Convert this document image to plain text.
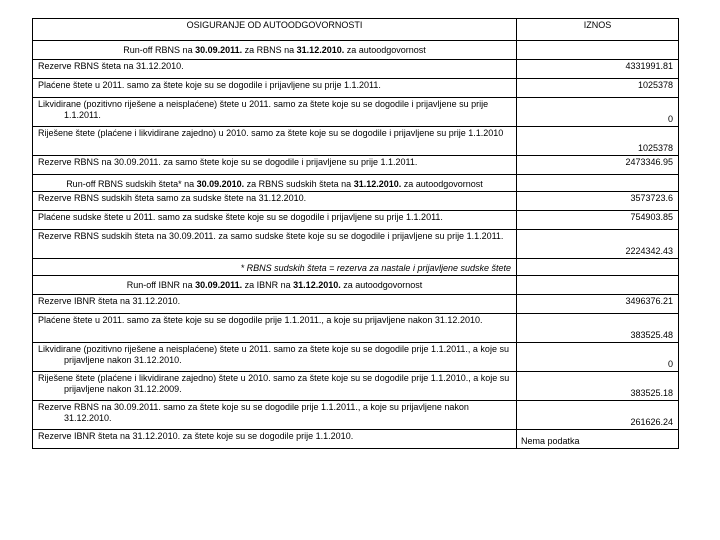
OSIGURANJE OD AUTOODGOVORNOSTI	IZNOS
Run-off RBNS na 30.09.2011. za RBNS na 31.12.2010. za autoodgovornost	

Rezerve RBNS šteta na 31.12.2010.	4331991.81

Plaćene štete u 2011. samo za štete koje su se dogodile i prijavljene su prije 1.1.2011.	1025378

Likvidirane (pozitivno riješene a neisplaćene) štete u 2011. samo za štete koje su se dogodile i prijavljene su prije 1.1.2011.	0

Riješene štete (plaćene i likvidirane zajedno) u 2010. samo za štete koje su se dogodile i prijavljene su prije 1.1.2010	1025378

Rezerve RBNS na 30.09.2011. za samo štete koje su se dogodile i prijavljene su prije 1.1.2011.	2473346.95
Run-off RBNS sudskih šteta* na 30.09.2010. za RBNS sudskih šteta na 31.12.2010. za autoodgovornost	

Rezerve RBNS sudskih šteta samo za sudske štete na 31.12.2010.	3573723.6

Plaćene sudske štete u 2011. samo za sudske štete koje su se dogodile i prijavljene su prije 1.1.2011.	754903.85

Rezerve RBNS sudskih šteta na 30.09.2011. za samo sudske štete koje su se dogodile i prijavljene su prije 1.1.2011.	2224342.43
* RBNS sudskih šteta = rezerva za nastale i prijavljene sudske štete	
Run-off IBNR na 30.09.2011. za IBNR na 31.12.2010. za autoodgovornost	

Rezerve IBNR šteta na 31.12.2010.	3496376.21

Plaćene štete u 2011. samo za štete koje su se dogodile prije 1.1.2011., a koje su prijavljene nakon 31.12.2010.	383525.48

Likvidirane (pozitivno riješene a neisplaćene) štete u 2011. samo za štete koje su se dogodile prije 1.1.2011., a koje su prijavljene nakon 31.12.2010.	0

Riješene štete (plaćene i likvidirane zajedno) štete u 2010. samo za štete koje su se dogodile prije 1.1.2010., a koje su prijavljene nakon 31.12.2009.	383525.18

Rezerve RBNS na 30.09.2011. samo za štete koje su se dogodile prije 1.1.2011., a koje su prijavljene nakon 31.12.2010.	261626.24

Rezerve IBNR šteta na 31.12.2010. za štete koje su se dogodile prije 1.1.2010.	Nema podatka
